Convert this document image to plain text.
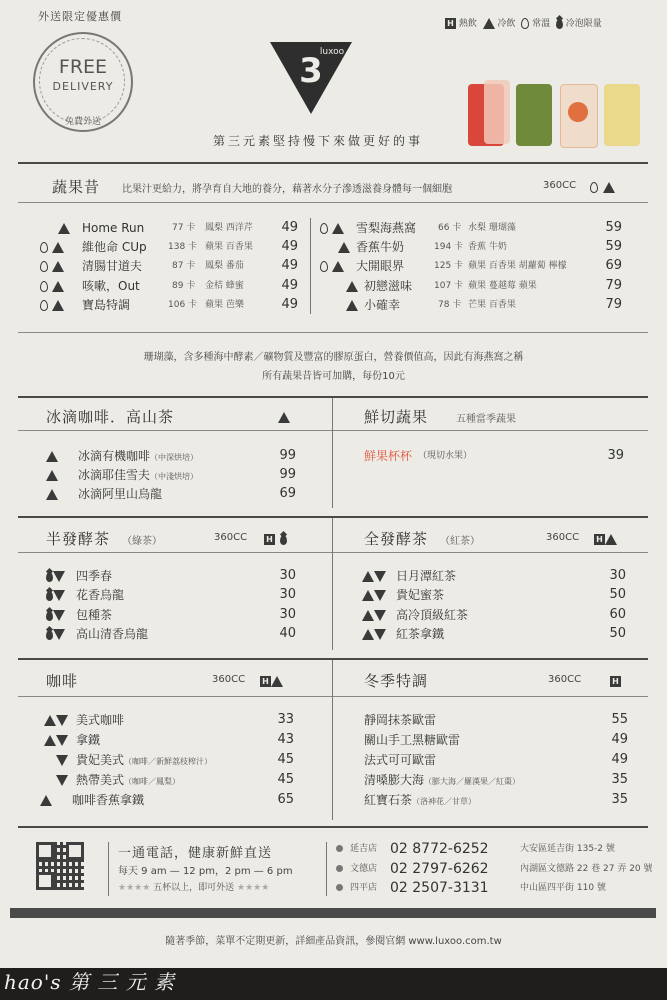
外送限定優惠價
FREE
DELIVERY
免費外送
3
luxoo
第三元素堅持慢下來做更好的事
H 熱飲 冷飲 常溫 冷泡限量
蔬果昔 比果汁更給力，將孕育自大地的養分，藉著水分子滲透滋養身體每一個細胞	360CC

Home Run	77 卡 鳳梨 西洋芹	49

維他命 CUp 138 卡 蘋果 百香果	49

清腸甘道夫	87 卡 鳳梨 番茄	49

咳嗽，Out	89 卡 金桔 蜂蜜	49

寶島特調	106 卡 蘋果 芭樂	49

雪梨海燕窩 66 卡 水梨 珊瑚藻	59
香蕉牛奶	194 卡 香蕉 牛奶	59

大開眼界	125 卡 蘋果 百香果 胡蘿蔔 檸檬	69
初戀滋味 107 卡 蘋果 蔓越莓 蘋果	79
小確幸	78 卡 芒果 百香果	79
珊瑚藻，含多種海中酵素／礦物質及豐富的膠原蛋白，營養價值高，因此有海燕窩之稱
所有蔬果昔皆可加購，每份10元
冰滴咖啡．高山茶	鮮切蔬果	五種當季蔬果
冰滴有機咖啡（中深烘培）	99
冰滴耶佳雪夫（中淺烘培）	99
冰滴阿里山烏龍	69
鮮果杯杯 （現切水果）	39
半發酵茶 （綠茶）	360CC H	全發酵茶 （紅茶）	360CC H
四季春	30
花香烏龍	30
包種茶	30
高山清香烏龍	40
日月潭紅茶	30
貴妃蜜茶	50
高冷頂級紅茶	60
紅茶拿鐵	50
咖啡	360CC H	冬季特調	360CC	H
美式咖啡	33
拿鐵	43
貴妃美式（咖啡／新鮮荔枝榨汁）	45
熱帶美式（咖啡／鳳梨）	45
咖啡香蕉拿鐵	65
靜岡抹茶歐雷	55
關山手工黑糖歐雷	49
法式可可歐雷	49
清嗓膨大海（膨大海／羅漢果／紅棗）	35
紅寶石茶（洛神花／甘草）	35
一通電話，健康新鮮直送
每天 9 am — 12 pm，2 pm — 6 pm
★★★★ 五杯以上，即可外送 ★★★★
延吉店 02 8772-6252	大安區延吉街 135-2 號
文德店 02 2797-6262	內湖區文德路 22 巷 27 弄 20 號
四平店 02 2507-3131	中山區四平街 110 號
隨著季節，菜單不定期更新，詳細產品資訊，參閱官網 www.luxoo.com.tw
hao's 第 三 元 素
